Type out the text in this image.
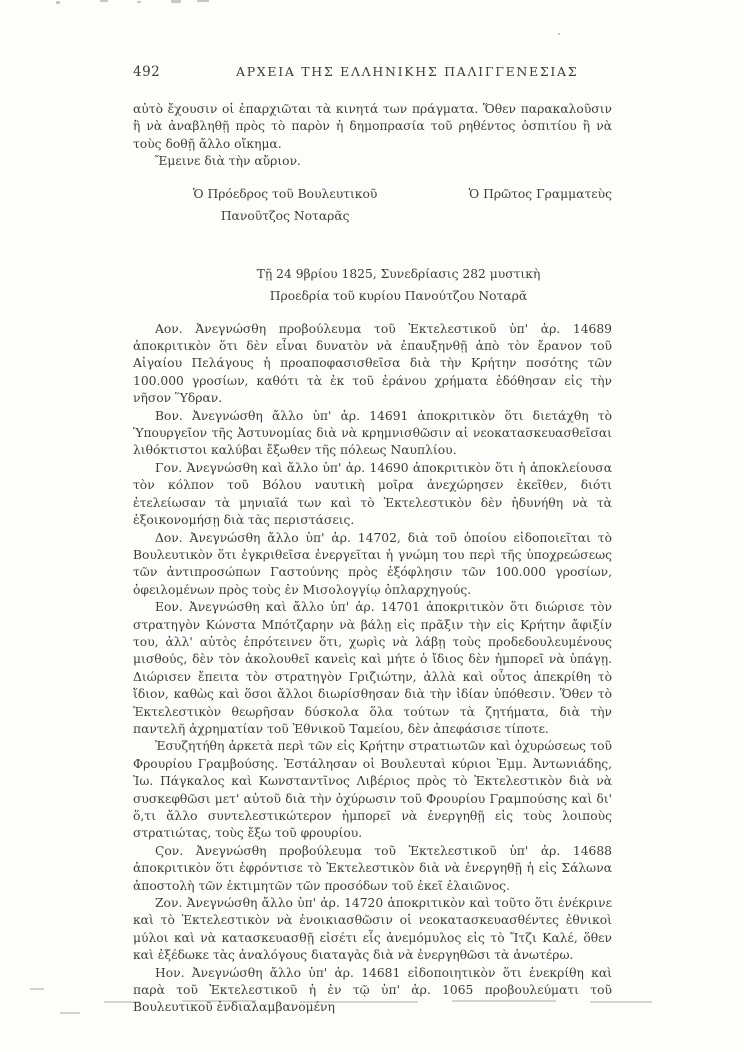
492	ΑΡΧΕΙΑ ΤΗΣ ΕΛΛΗΝΙΚΗΣ ΠΑΛΙΓΓΕΝΕΣΙΑΣ

αὐτὸ ἔχουσιν οἱ ἐπαρχιῶται τὰ κινητά των πράγματα. Ὅθεν παρακαλοῦσιν ἢ νὰ ἀναβληθῇ πρὸς τὸ παρὸν ἡ δημοπρασία τοῦ ρηθέντος ὁσπιτίου ἢ νὰ τοὺς δοθῇ ἄλλο οἴκημα.

Ἔμεινε διὰ τὴν αὔριον.

Ὁ Πρόεδρος τοῦ Βουλευτικοῦ
Πανοῦτζος Νοταρᾶς
Ὁ Πρῶτος Γραμματεὺς
Τῇ 24 9βρίου 1825, Συνεδρίασις 282 μυστικὴ
Προεδρία τοῦ κυρίου Πανούτζου Νοταρᾶ

Αον. Ἀνεγνώσθη προβούλευμα τοῦ Ἐκτελεστικοῦ ὑπ' ἀρ. 14689 ἀποκριτικὸν ὅτι δὲν εἶναι δυνατὸν νὰ ἐπαυξηνθῇ ἀπὸ τὸν ἔρανον τοῦ Αἰγαίου Πελάγους ἡ προαποφασισθεῖσα διὰ τὴν Κρήτην ποσότης τῶν 100.000 γροσίων, καθότι τὰ ἐκ τοῦ ἐράνου χρήματα ἐδόθησαν εἰς τὴν νῆσον Ὕδραν.

Βον. Ἀνεγνώσθη ἄλλο ὑπ' ἀρ. 14691 ἀποκριτικὸν ὅτι διετάχθη τὸ Ὑπουργεῖον τῆς Ἀστυνομίας διὰ νὰ κρημνισθῶσιν αἱ νεοκατασκευασθεῖσαι λιθόκτιστοι καλύβαι ἔξωθεν τῆς πόλεως Ναυπλίου.

Γον. Ἀνεγνώσθη καὶ ἄλλο ὑπ' ἀρ. 14690 ἀποκριτικὸν ὅτι ἡ ἀποκλείουσα τὸν κόλπον τοῦ Βόλου ναυτικὴ μοῖρα ἀνεχώρησεν ἐκεῖθεν, διότι ἐτελείωσαν τὰ μηνιαῖά των καὶ τὸ Ἐκτελεστικὸν δὲν ἠδυνήθη νὰ τὰ ἐξοικονομήσῃ διὰ τὰς περιστάσεις.

Δον. Ἀνεγνώσθη ἄλλο ὑπ' ἀρ. 14702, διὰ τοῦ ὁποίου εἰδοποιεῖται τὸ Βουλευτικὸν ὅτι ἐγκριθεῖσα ἐνεργεῖται ἡ γνώμη του περὶ τῆς ὑποχρεώσεως τῶν ἀντιπροσώπων Γαστούνης πρὸς ἐξόφλησιν τῶν 100.000 γροσίων, ὀφειλομένων πρὸς τοὺς ἐν Μισολογγίῳ ὁπλαρχηγούς.

Εον. Ἀνεγνώσθη καὶ ἄλλο ὑπ' ἀρ. 14701 ἀποκριτικὸν ὅτι διώρισε τὸν στρατηγὸν Κώνστα Μπότζαρην νὰ βάλῃ εἰς πρᾶξιν τὴν εἰς Κρήτην ἄφιξίν του, ἀλλ' αὐτὸς ἐπρότεινεν ὅτι, χωρὶς νὰ λάβῃ τοὺς προδεδουλευμένους μισθούς, δὲν τὸν ἀκολουθεῖ κανεὶς καὶ μήτε ὁ ἴδιος δὲν ἠμπορεῖ νὰ ὑπάγῃ. Διώρισεν ἔπειτα τὸν στρατηγὸν Γριζιώτην, ἀλλὰ καὶ οὗτος ἀπεκρίθη τὸ ἴδιον, καθὼς καὶ ὅσοι ἄλλοι διωρίσθησαν διὰ τὴν ἰδίαν ὑπόθεσιν. Ὅθεν τὸ Ἐκτελεστικὸν θεωρῆσαν δύσκολα ὅλα τούτων τὰ ζητήματα, διὰ τὴν παντελῆ ἀχρηματίαν τοῦ Ἐθνικοῦ Ταμείου, δὲν ἀπεφάσισε τίποτε.

Ἐσυζητήθη ἀρκετὰ περὶ τῶν εἰς Κρήτην στρατιωτῶν καὶ ὀχυρώσεως τοῦ Φρουρίου Γραμβούσης. Ἐστάλησαν οἱ Βουλευταὶ κύριοι Ἐμμ. Ἀντωνιάδης, Ἰω. Πάγκαλος καὶ Κωνσταντῖνος Λιβέριος πρὸς τὸ Ἐκτελεστικὸν διὰ νὰ συσκεφθῶσι μετ' αὐτοῦ διὰ τὴν ὀχύρωσιν τοῦ Φρουρίου Γραμπούσης καὶ δι' ὅ,τι ἄλλο συντελεστικώτερον ἠμπορεῖ νὰ ἐνεργηθῇ εἰς τοὺς λοιποὺς στρατιώτας, τοὺς ἔξω τοῦ φρουρίου.

Ϛον. Ἀνεγνώσθη προβούλευμα τοῦ Ἐκτελεστικοῦ ὑπ' ἀρ. 14688 ἀποκριτικὸν ὅτι ἐφρόντισε τὸ Ἐκτελεστικὸν διὰ νὰ ἐνεργηθῇ ἡ εἰς Σάλωνα ἀποστολὴ τῶν ἐκτιμητῶν τῶν προσόδων τοῦ ἐκεῖ ἐλαιῶνος.

Ζον. Ἀνεγνώσθη ἄλλο ὑπ' ἀρ. 14720 ἀποκριτικὸν καὶ τοῦτο ὅτι ἐνέκρινε καὶ τὸ Ἐκτελεστικὸν νὰ ἐνοικιασθῶσιν οἱ νεοκατασκευασθέντες ἐθνικοὶ μύλοι καὶ νὰ κατασκευασθῇ εἰσέτι εἷς ἀνεμόμυλος εἰς τὸ Ἴτζι Καλέ, ὅθεν καὶ ἐξέδωκε τὰς ἀναλόγους διαταγὰς διὰ νὰ ἐνεργηθῶσι τὰ ἀνωτέρω.

Ηον. Ἀνεγνώσθη ἄλλο ὑπ' ἀρ. 14681 εἰδοποιητικὸν ὅτι ἐνεκρίθη καὶ παρὰ τοῦ Ἐκτελεστικοῦ ἡ ἐν τῷ ὑπ' ἀρ. 1065 προβουλεύματι τοῦ Βουλευτικοῦ ἐνδιαλαμβανομένη
